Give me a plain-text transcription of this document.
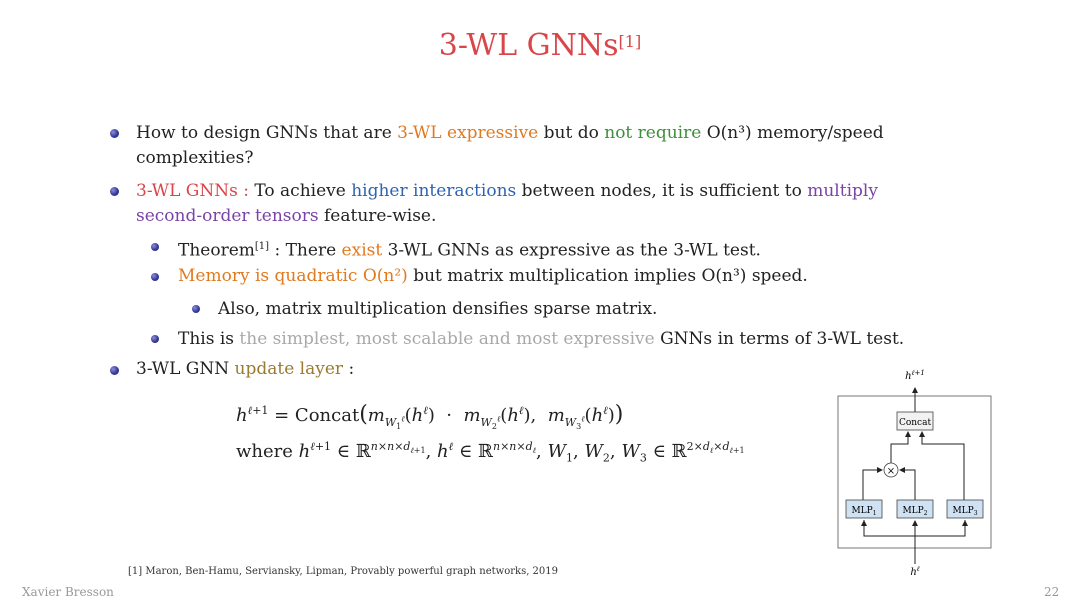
3-WL GNNs[1]
How to design GNNs that are 3-WL expressive but do not require O(n³) memory/speed
complexities?
3-WL GNNs : To achieve higher interactions between nodes, it is sufficient to multiply
second-order tensors feature-wise.
Theorem[1] : There exist 3-WL GNNs as expressive as the 3-WL test.
Memory is quadratic O(n²) but matrix multiplication implies O(n³) speed.
Also, matrix multiplication densifies sparse matrix.
This is the simplest, most scalable and most expressive GNNs in terms of 3-WL test.
3-WL GNN update layer :
$h^{\ell+1}$ = $Concat(m_{W_1^\ell}(h^\ell) \cdot m_{W_2^\ell}(h^\ell)$,  $m_{W_3^\ell}(h^\ell)$)
where $h^{\ell+1}$ ∈ ℝ$^{n\times n\times d_{\ell+1}}$, $h^\ell$ ∈ ℝ$^{n\times n\times d_\ell}$, $W_1$, $W_2$, $W_3$ ∈ ℝ$^{2\times d_\ell\times d_{\ell+1}}$
$h^{\ell+1}$
Concat
×
$MLP_1$	$MLP_2$	$MLP_3$
$h^\ell$
[1] Maron, Ben-Hamu, Serviansky, Lipman, Provably powerful graph networks, 2019
Xavier Bresson	22
